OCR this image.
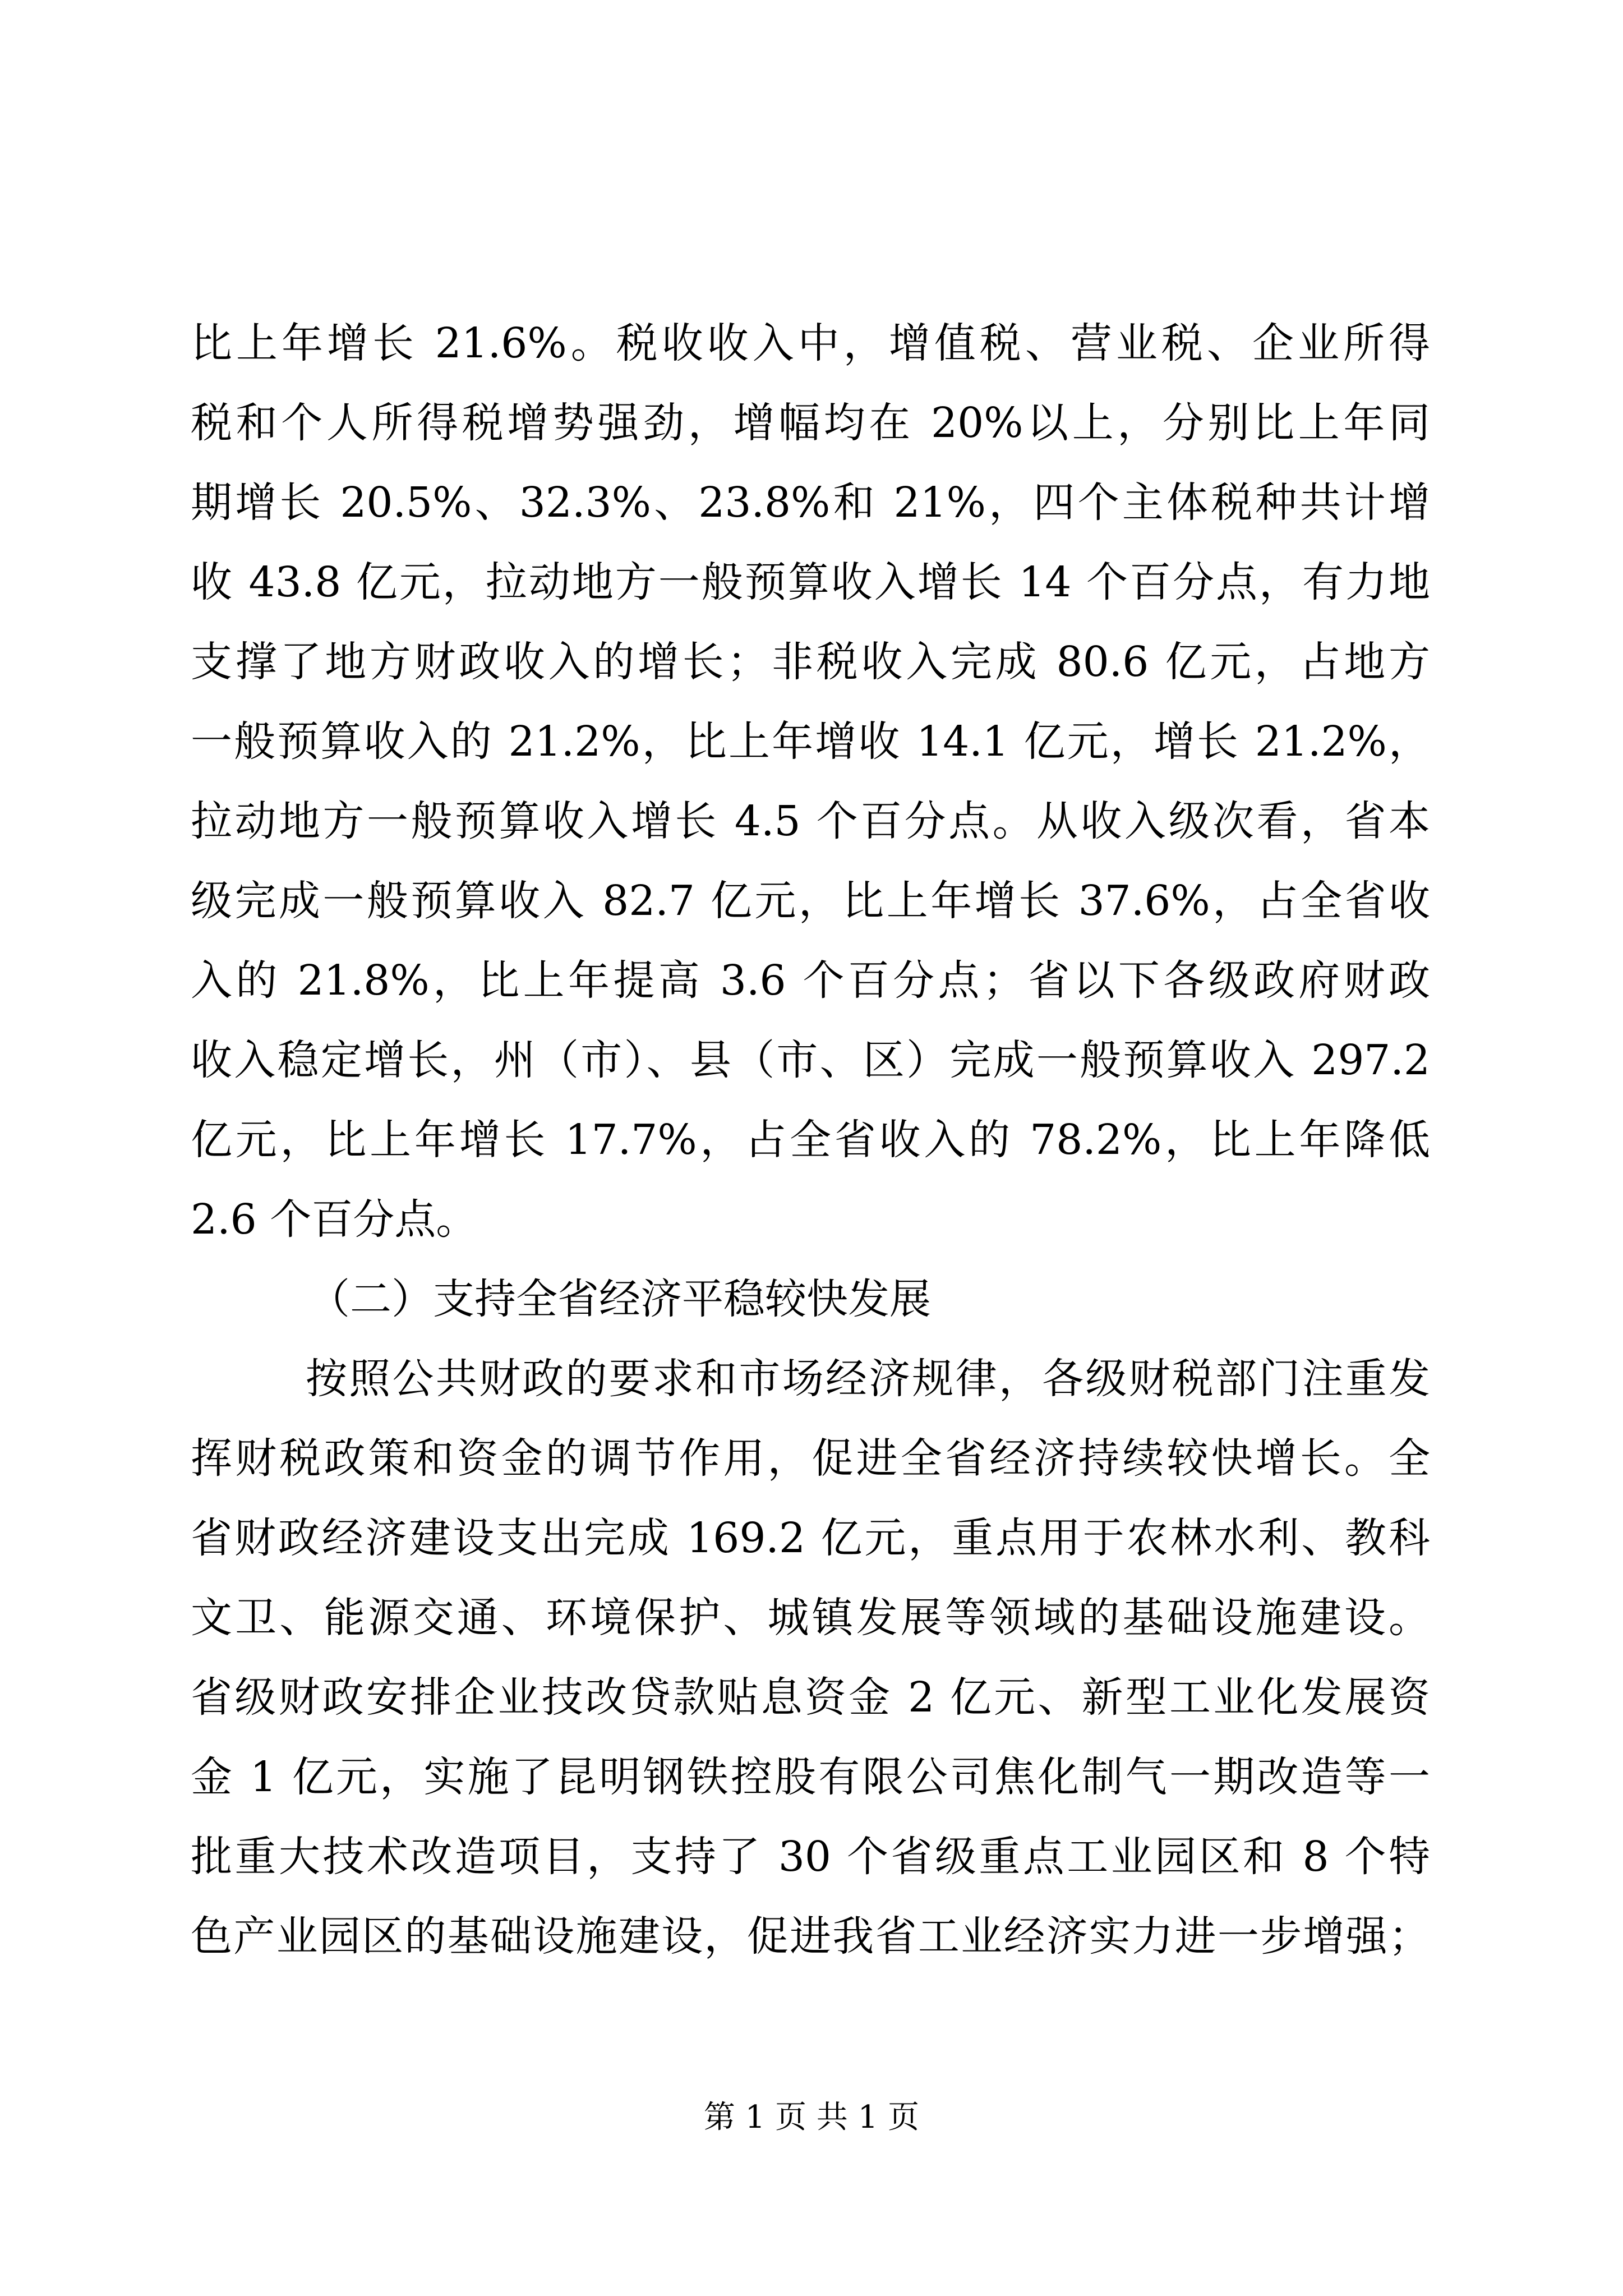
比上年增长 21.6%。税收收入中，增值税、营业税、企业所得
税和个人所得税增势强劲，增幅均在 20%以上，分别比上年同
期增长 20.5%、32.3%、23.8%和 21%，四个主体税种共计增
收 43.8 亿元，拉动地方一般预算收入增长 14 个百分点，有力地
支撑了地方财政收入的增长；非税收入完成 80.6 亿元，占地方
一般预算收入的 21.2%，比上年增收 14.1 亿元，增长 21.2%，
拉动地方一般预算收入增长 4.5 个百分点。从收入级次看，省本
级完成一般预算收入 82.7 亿元，比上年增长 37.6%，占全省收
入的 21.8%，比上年提高 3.6 个百分点；省以下各级政府财政
收入稳定增长，州（市）、县（市、区）完成一般预算收入 297.2
亿元，比上年增长 17.7%，占全省收入的 78.2%，比上年降低
2.6 个百分点。
（二）支持全省经济平稳较快发展
按照公共财政的要求和市场经济规律，各级财税部门注重发
挥财税政策和资金的调节作用，促进全省经济持续较快增长。全
省财政经济建设支出完成 169.2 亿元，重点用于农林水利、教科
文卫、能源交通、环境保护、城镇发展等领域的基础设施建设。
省级财政安排企业技改贷款贴息资金 2 亿元、新型工业化发展资
金 1 亿元，实施了昆明钢铁控股有限公司焦化制气一期改造等一
批重大技术改造项目，支持了 30 个省级重点工业园区和 8 个特
色产业园区的基础设施建设，促进我省工业经济实力进一步增强；
第 1 页 共 1 页
